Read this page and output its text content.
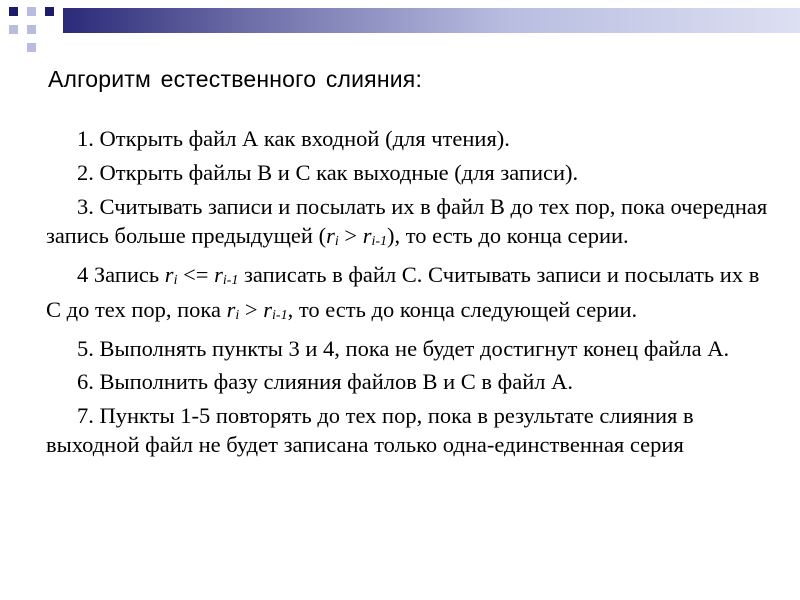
Алгоритм естественного слияния:

1. Открыть файл А как входной (для чтения).

2. Открыть файлы В и С как выходные (для записи).

3. Считывать записи и посылать их в файл В до тех пор, пока очередная запись больше предыдущей (ri > ri-1), то есть до конца серии.

4 Запись ri <= ri-1 записать в файл С. Считывать записи и посылать их в С до тех пор, пока ri > ri-1, то есть до конца следующей серии.

5. Выполнять пункты 3 и 4, пока не будет достигнут конец файла А.

6. Выполнить фазу слияния файлов В и С в файл А.

7. Пункты 1-5 повторять до тех пор, пока в результате слияния в выходной файл не будет записана только одна-единственная серия
